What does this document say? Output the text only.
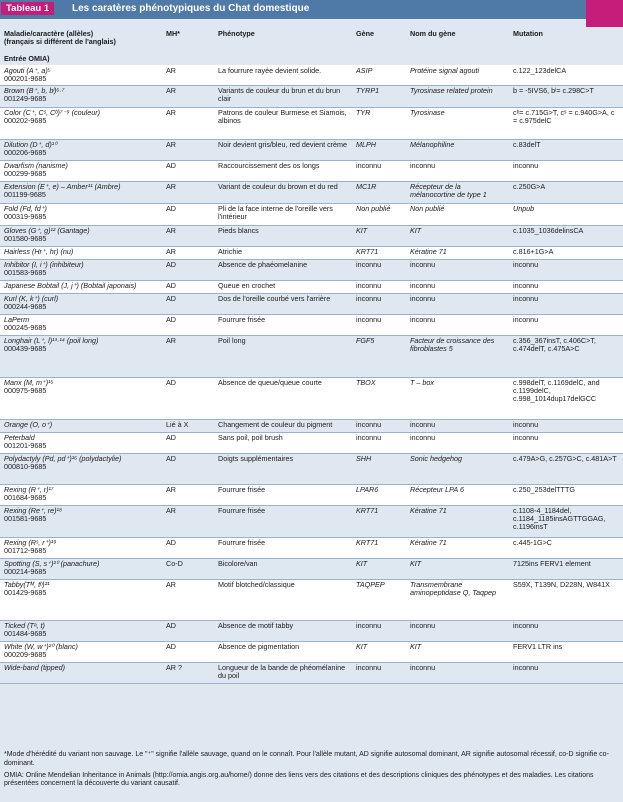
Tableau 1	Les caratères phénotypiques du Chat domestique
Maladie/caractère (allèles)
(français si différent de l'anglais)
Entrée OMIA)	MH*	Phénotype	Gène	Nom du gène	Mutation

Agouti (A⁺, a)⁵
000201-9685	AR	La fourrure rayée devient solide.	ASIP	Protéine signal agouti	c.122_123delCA

Brown (B⁺, b, bˡ)⁶·⁷
001249-9685	AR	Variants de couleur du brun et du brun clair	TYRP1	Tyrosinase related protein	b = -5IVS6, bˡ= c.298C>T

Color (C⁺, Cˢ, Cᵇ)⁷⁻⁹ (couleur)
000202-9685	AR	Patrons de couleur Burmese et Siamois, albinos	TYR	Tyrosinase	cᵇ= c.715G>T, cˢ = c.940G>A, c = c.975delC

Dilution (D⁺, d)¹⁰
000206-9685	AR	Noir devient gris/bleu, red devient crème	MLPH	Mélanophiline	c.83delT

Dwarfism (nanisme)
000299-9685	AD	Raccourcissement des os longs	inconnu	inconnu	inconnu

Extension (E⁺, e) – Amber¹¹ (Ambre)
001199-9685	AR	Variant de couleur du brown et du red	MC1R	Récepteur de la mélanocortine de type 1	c.250G>A

Fold (Fd, fd⁺)
000319-9685	AD	Pli de la face interne de l'oreille vers l'intérieur	Non publié	Non publié	Unpub

Gloves (G⁺, g)¹² (Gantage)
001580-9685	AR	Pieds blancs	KIT	KIT	c.1035_1036delinsCA

Hairless (Hr⁺, hr) (nu)	AR	Atrichie	KRT71	Kératine 71	c.816+1G>A

Inhibitor (I, i⁺) (inhibiteur)
001583-9685	AD	Absence de phaéomelanine	inconnu	inconnu	inconnu

Japanese Bobtail (J, j⁺) (Bobtail japonais)	AD	Queue en crochet	inconnu	inconnu	inconnu

Kurl (K, k⁺) (curl)
000244-9685	AD	Dos de l'oreille courbé vers l'arrière	inconnu	inconnu	inconnu

LaPerm
000245-9685	AD	Fourrure frisée	inconnu	inconnu	inconnu

Longhair (L⁺, l)¹³·¹⁴ (poil long)
000439-9685	AR	Poil long	FGF5	Facteur de croissance des fibroblastes 5	c.356_367insT, c.406C>T, c.474delT, c.475A>C

Manx (M, m⁺)¹⁵
000975-9685	AD	Absence de queue/queue courte	TBOX	T – box	c.998delT, c.1169delC, and c.1199delC, c.998_1014dup17delGCC

Orange (O, o⁺)	Lié à X	Changement de couleur du pigment	inconnu	inconnu	inconnu

Peterbald
001201-9685	AD	Sans poil, poil brush	inconnu	inconnu	inconnu

Polydactyly (Pd, pd⁺)¹⁶ (polydactylie)
000810-9685	AD	Doigts supplémentaires	SHH	Sonic hedgehog	c.479A>G, c.257G>C, c.481A>T

Rexing (R⁺, r)¹⁷
001684-9685	AR	Fourrure frisée	LPAR6	Récepteur LPA 6	c.250_253delTTTG

Rexing (Re⁺, re)¹⁸
001581-9685	AR	Fourrure frisée	KRT71	Kératine 71	c.1108-4_1184del, c.1184_1185insAGTTGGAG, c.1196insT

Rexing (Rˢ, r⁺)¹⁹
001712-9685	AD	Fourrure frisée	KRT71	Kératine 71	c.445-1G>C

Spotting (S, s⁺)²⁰ (panachure)
000214-9685	Co-D	Bicolore/van	KIT	KIT	7125ins FERV1 element

Tabby(Tᴹ, tᵇ)²¹
001429-9685	AR	Motif blotched/classique	TAQPEP	Transmembrane aminopeptidase Q, Taqpep	S59X, T139N, D228N, W841X

Ticked (Tᵃ, t)
001484-9685	AD	Absence de motif tabby	inconnu	inconnu	inconnu

White (W, w⁺)²⁰ (blanc)
000209-9685	AD	Absence de pigmentation	KIT	KIT	FERV1 LTR ins

Wide-band (tipped)	AR ?	Longueur de la bande de phéomélanine du poil	inconnu	inconnu	inconnu

*Mode d'hérédité du variant non sauvage. Le "⁺" signifie l'allèle sauvage, quand on le connaît. Pour l'allèle mutant, AD signifie autosomal dominant, AR signifie autosomal récessif, co-D signifie co-dominant.

OMIA: Online Mendelian Inheritance in Animals (http://omia.angis.org.au/home/) donne des liens vers des citations et des descriptions cliniques des phénotypes et des maladies. Les citations présentées concernent la découverte du variant causatif.
